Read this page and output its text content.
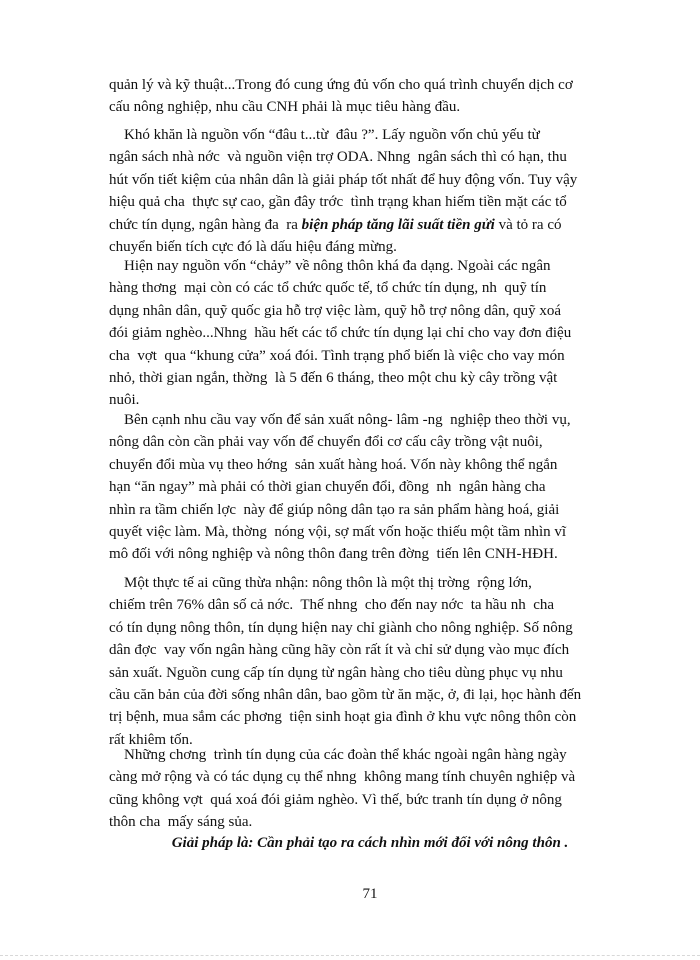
quản lý và kỹ thuật...Trong đó cung ứng đủ vốn cho quá trình chuyển dịch cơ
cấu nông nghiệp, nhu cầu CNH phải là mục tiêu hàng đầu.

Khó khăn là nguồn vốn “đâu t...từ  đâu ?”. Lấy nguồn vốn chủ yếu từ
ngân sách nhà nớc  và nguồn viện trợ ODA. Nhng  ngân sách thì có hạn, thu
hút vốn tiết kiệm của nhân dân là giải pháp tốt nhất để huy động vốn. Tuy vậy
hiệu quả cha  thực sự cao, gần đây trớc  tình trạng khan hiếm tiền mặt các tổ
chức tín dụng, ngân hàng đa  ra biện pháp tăng lãi suất tiền gửi và tỏ ra có
chuyển biến tích cực đó là dấu hiệu đáng mừng.

Hiện nay nguồn vốn “chảy” về nông thôn khá đa dạng. Ngoài các ngân
hàng thơng  mại còn có các tổ chức quốc tế, tổ chức tín dụng, nh  quỹ tín
dụng nhân dân, quỹ quốc gia hỗ trợ việc làm, quỹ hỗ trợ nông dân, quỹ xoá
đói giảm nghèo...Nhng  hầu hết các tổ chức tín dụng lại chỉ cho vay đơn điệu
cha  vợt  qua “khung cửa” xoá đói. Tình trạng phổ biến là việc cho vay món
nhỏ, thời gian ngắn, thờng  là 5 đến 6 tháng, theo một chu kỳ cây trồng vật
nuôi.

Bên cạnh nhu cầu vay vốn để sản xuất nông- lâm -ng  nghiệp theo thời vụ,
nông dân còn cần phải vay vốn để chuyển đổi cơ cấu cây trồng vật nuôi,
chuyển đổi mùa vụ theo hớng  sản xuất hàng hoá. Vốn này không thể ngắn
hạn “ăn ngay” mà phải có thời gian chuyển đổi, đồng  nh  ngân hàng cha
nhìn ra tầm chiến lợc  này để giúp nông dân tạo ra sản phẩm hàng hoá, giải
quyết việc làm. Mà, thờng  nóng vội, sợ mất vốn hoặc thiếu một tầm nhìn vĩ
mô đối với nông nghiệp và nông thôn đang trên đờng  tiến lên CNH-HĐH.

Một thực tế ai cũng thừa nhận: nông thôn là một thị trờng  rộng lớn,
chiếm trên 76% dân số cả nớc.  Thế nhng  cho đến nay nớc  ta hầu nh  cha
có tín dụng nông thôn, tín dụng hiện nay chỉ giành cho nông nghiệp. Số nông
dân đợc  vay vốn ngân hàng cũng hãy còn rất ít và chỉ sử dụng vào mục đích
sản xuất. Nguồn cung cấp tín dụng từ ngân hàng cho tiêu dùng phục vụ nhu
cầu căn bản của đời sống nhân dân, bao gồm từ ăn mặc, ở, đi lại, học hành đến
trị bệnh, mua sắm các phơng  tiện sinh hoạt gia đình ở khu vực nông thôn còn
rất khiêm tốn.

Những chơng  trình tín dụng của các đoàn thể khác ngoài ngân hàng ngày
càng mở rộng và có tác dụng cụ thể nhng  không mang tính chuyên nghiệp và
cũng không vợt  quá xoá đói giảm nghèo. Vì thế, bức tranh tín dụng ở nông
thôn cha  mấy sáng sủa.

Giải pháp là: Cần phải tạo ra cách nhìn mới đối với nông thôn .
71
